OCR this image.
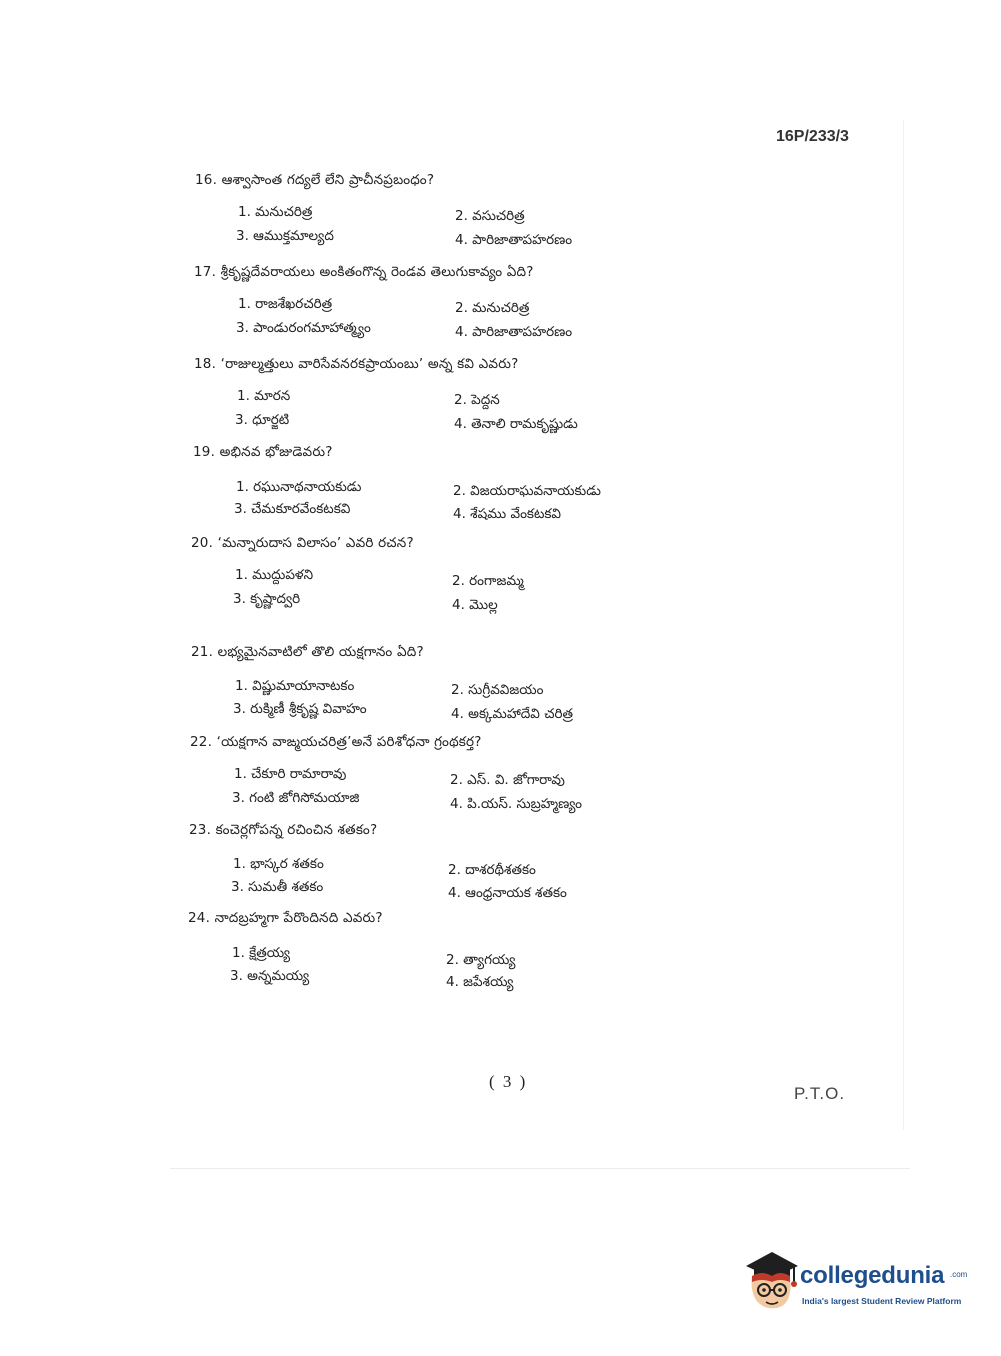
16P/233/3
16. ఆశ్వాసాంత గద్యలే లేని ప్రాచీనప్రబంధం?
1. మనుచరిత్ర	2. వసుచరిత్ర
3. ఆముక్తమాల్యద	4. పారిజాతాపహరణం
17. శ్రీకృష్ణదేవరాయలు అంకితంగొన్న రెండవ తెలుగుకావ్యం ఏది?
1. రాజశేఖరచరిత్ర	2. మనుచరిత్ర
3. పాండురంగమాహాత్మ్యం	4. పారిజాతాపహరణం
18. ‘రాజుల్మత్తులు వారిసేవనరకప్రాయంబు’ అన్న కవి ఎవరు?
1. మారన	2. పెద్దన
3. ధూర్జటి	4. తెనాలి రామకృష్ణుడు
19. అభినవ భోజుడెవరు?
1. రఘునాథనాయకుడు	2. విజయరాఘవనాయకుడు
3. చేమకూరవేంకటకవి	4. శేషము వేంకటకవి
20. ‘మన్నారుదాస విలాసం’ ఎవరి రచన?
1. ముద్దుపళని	2. రంగాజమ్మ
3. కృష్ణాద్వరి	4. మొల్ల
21. లభ్యమైనవాటిలో తొలి యక్షగానం ఏది?
1. విష్ణుమాయానాటకం	2. సుగ్రీవవిజయం
3. రుక్మిణీ శ్రీకృష్ణ వివాహం	4. అక్కమహాదేవి చరిత్ర
22. ‘యక్షగాన వాఙ్మయచరిత్ర’అనే పరిశోధనా గ్రంథకర్త?
1. చేకూరి రామారావు	2. ఎస్. వి. జోగారావు
3. గంటి జోగిసోమయాజి	4. పి.యస్. సుబ్రహ్మణ్యం
23. కంచెర్లగోపన్న రచించిన శతకం?
1. భాస్కర శతకం	2. దాశరథీశతకం
3. సుమతీ శతకం	4. ఆంధ్రనాయక శతకం
24. నాదబ్రహ్మగా పేరొందినది ఎవరు?
1. క్షేత్రయ్య	2. త్యాగయ్య
3. అన్నమయ్య	4. జపేశయ్య
( 3 )
P.T.O.
collegedunia .com
India's largest Student Review Platform
